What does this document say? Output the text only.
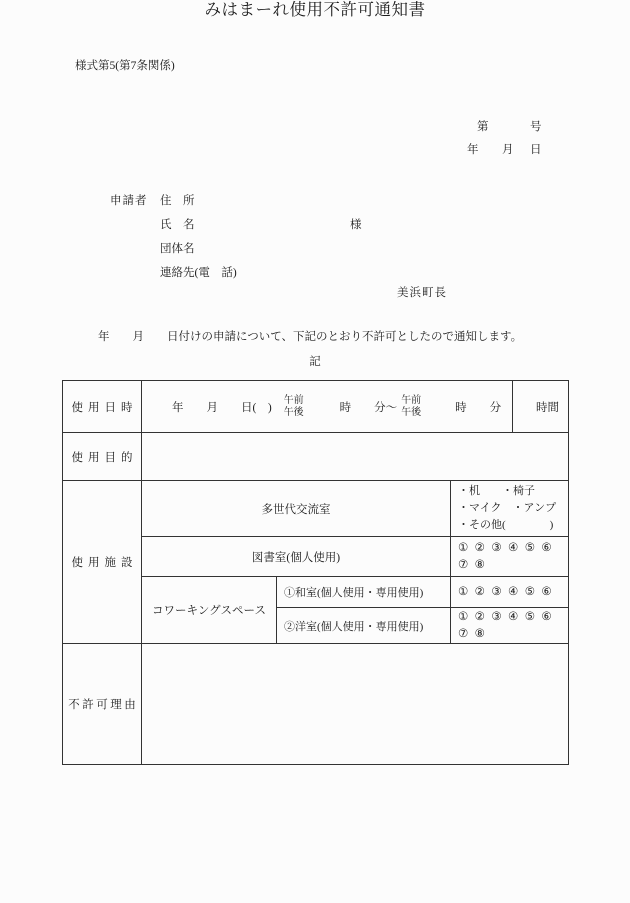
様式第5(第7条関係)
みはまーれ使用不許可通知書
第	号
年 月 日
申請者 住　所
氏　名	様
団体名
連絡先(電　話)
美浜町長
年　　月　　日付けの申請について、下記のとおり不許可としたので通知します。
記
使用日時	年　　月　　日(　)
午前
午後	時　　分～
午前
午後	時　　分	時間
使用目的				
使用施設	多世代交流室		・机　　・椅子
・マイク　・アンプ
・その他(　　　　)	

	図書室(個人使用)		① ② ③ ④ ⑤ ⑥
⑦ ⑧	

	コワーキングスペース	①和室(個人使用・専用使用)	① ② ③ ④ ⑤ ⑥	
		②洋室(個人使用・専用使用)	① ② ③ ④ ⑤ ⑥
⑦ ⑧	

不許可理由				
